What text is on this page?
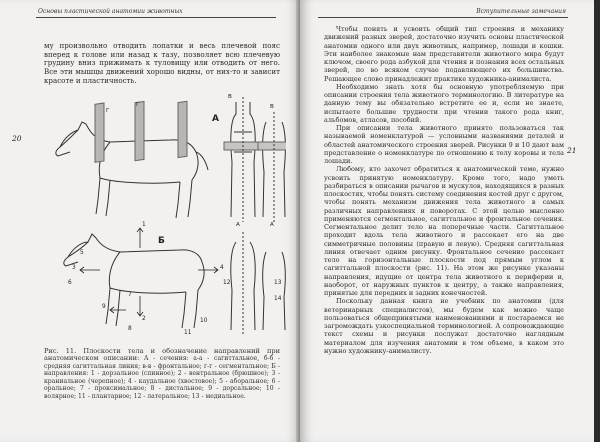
Основы пластической анатомии животных

му произвольно отводить лопатки и весь плечевой пояс вперед к голове или назад к тазу, позволяет всю плечевую грудину вниз прижимать к туловищу или отводить от него. Все эти мышцы движений хорошо видны, от них-то и зависит красоте и пластичность.

20
А
Г
Г
В
В
А	А
Б
1
2
3	4
5
6
7
8
9
10
11
12	13
14

Рис. 11. Плоскости тела и обозначение направлений при анатомическом описании: А - сечения: а-а - сагиттальное, б-б - средняя сагиттальная линия; в-в - фронтальное; г-г - сегментальное; Б - направления: 1 - дорзальное (спинное); 2 - вентральное (брюшное); 3 - краниальное (черепное); 4 - каудальное (хвостовое); 5 - аборальное; 6 - оральное; 7 - проксимальное; 8 - дистальное; 9 - дорсальное; 10 - волярное; 11 - плантарное; 12 - латеральное; 13 - медиальное.

Вступительные замечания
21

Чтобы понять и усвоить общий тип строения и механику движений разных зверей, достаточно изучить основы пластической анатомии одного или двух животных, например, лошади и кошки. Эти наиболее знакомые нам представители животного мира будут ключом, своего рода азбукой для чтения и познания всех остальных зверей, по во всяком случае подавляющего их большинства. Решающее слово принадлежит практике художника-анималиста.

Необходимо знать хотя бы основную употребляемую при описании строения тела животного терминологию. В литературе на данную тему вы обязательно встретите ее и, если не знаете, испытаете большие трудности при чтении такого рода книг, альбомов, атласов, пособий.

При описании тела животного принято пользоваться так называемой номенклатурой — условными названиями деталей и областей анатомического строения зверей. Рисунки 9 и 10 дают вам представление о номенклатуре по отношению к телу коровы и тела лошади.

Любому, кто захочет обратиться к анатомической теме, нужно усвоить принятую номенклатуру. Кроме того, надо уметь разбираться в описании рычагов и мускулов, находящихся в разных плоскостях, чтобы понять систему соединения костей друг с другом, чтобы понять механизм движения тела животного в самых различных направлениях и поворотах. С этой целью мысленно применяются сегментальное, сагиттальное и фронтальное сечения. Сегментальное делит тело на поперечные части. Сагиттальное проходит вдоль тела животного и рассекает его на две симметричные половины (правую и левую). Средняя сагиттальная линия отвечает одним рисунку. Фронтальное сечение рассекает тело на горизонтальные плоскости под прямым углом к сагиттальной плоскости (рис. 11). На этом же рисунке указаны направления, идущие от центра тела животного к периферии и, наоборот, от наружных пунктов к центру, а также направления, принятые для передних и задних конечностей.

Поскольку данная книга не учебник по анатомии (для ветеринарных специалистов), мы будем как можно чаще пользоваться общепринятыми наименованиями и постараемся не загромождать узкоспециальной терминологией. А сопровождающие текст схемы и рисунки послужат достаточно наглядным материалом для изучения анатомии в том объеме, в каком это нужно художнику-анималисту.
